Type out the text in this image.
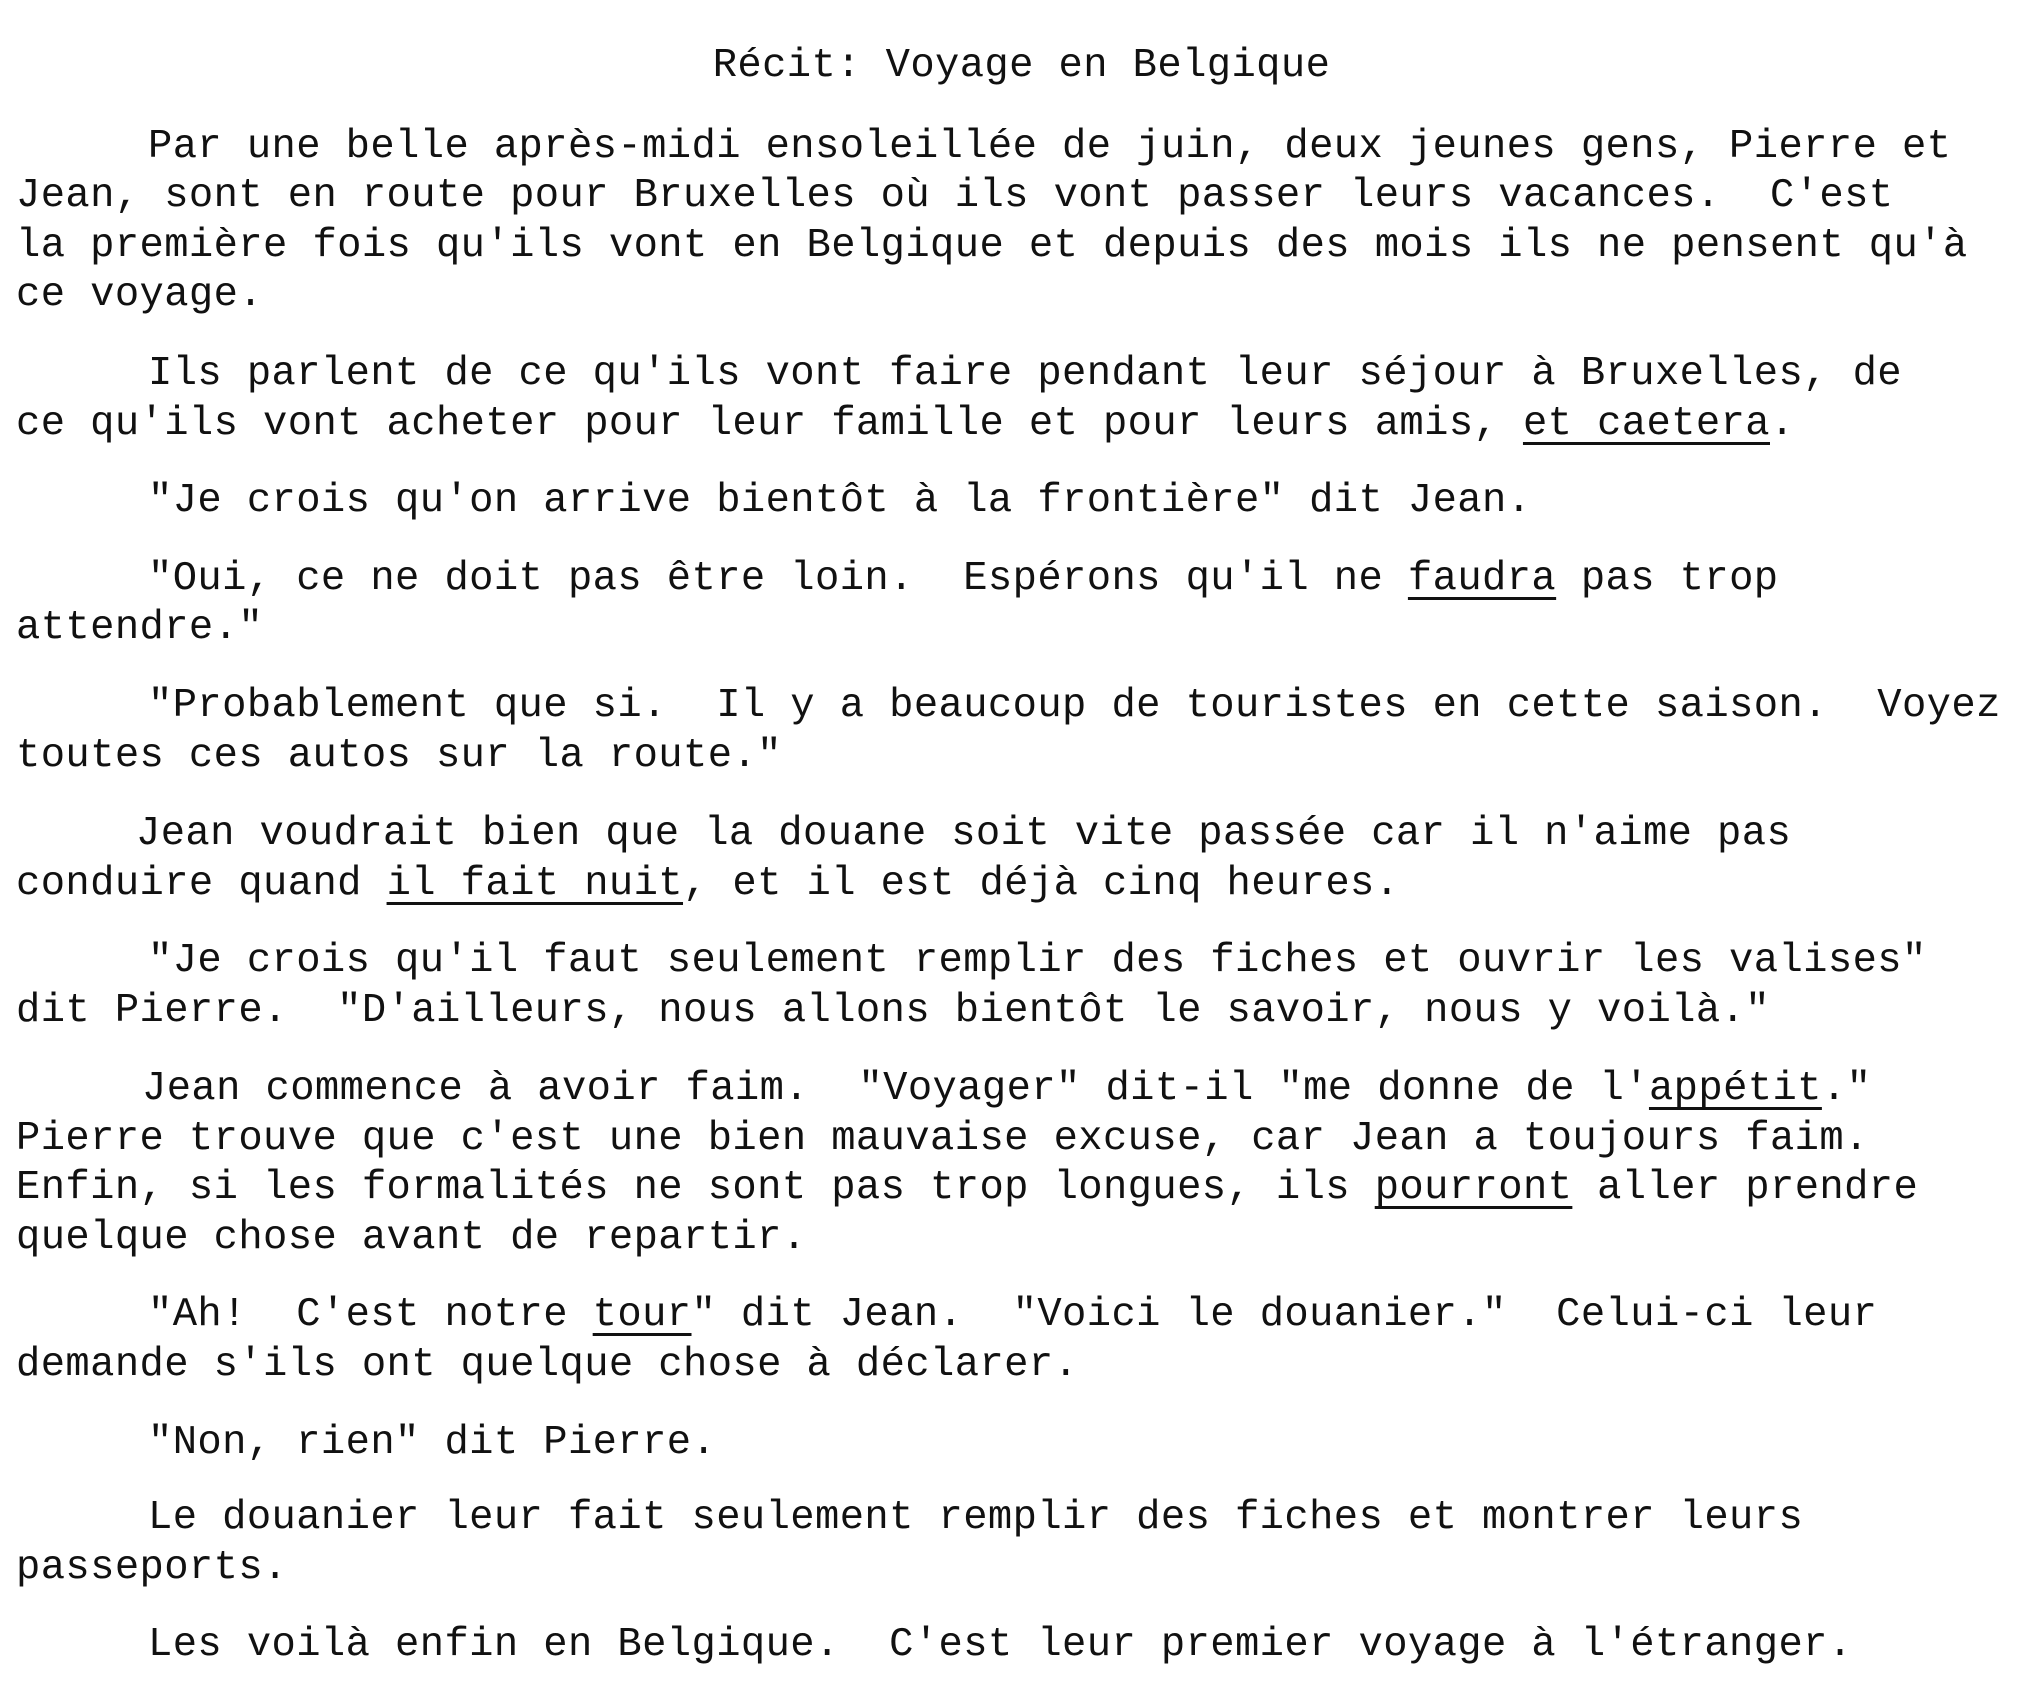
Récit: Voyage en Belgique
Par une belle après-midi ensoleillée de juin, deux jeunes gens, Pierre et
Jean, sont en route pour Bruxelles où ils vont passer leurs vacances.  C'est
la première fois qu'ils vont en Belgique et depuis des mois ils ne pensent qu'à
ce voyage.
Ils parlent de ce qu'ils vont faire pendant leur séjour à Bruxelles, de
ce qu'ils vont acheter pour leur famille et pour leurs amis, et caetera.
"Je crois qu'on arrive bientôt à la frontière" dit Jean.
"Oui, ce ne doit pas être loin.  Espérons qu'il ne faudra pas trop
attendre."
"Probablement que si.  Il y a beaucoup de touristes en cette saison.  Voyez
toutes ces autos sur la route."
Jean voudrait bien que la douane soit vite passée car il n'aime pas
conduire quand il fait nuit, et il est déjà cinq heures.
"Je crois qu'il faut seulement remplir des fiches et ouvrir les valises"
dit Pierre.  "D'ailleurs, nous allons bientôt le savoir, nous y voilà."
Jean commence à avoir faim.  "Voyager" dit-il "me donne de l'appétit."
Pierre trouve que c'est une bien mauvaise excuse, car Jean a toujours faim.
Enfin, si les formalités ne sont pas trop longues, ils pourront aller prendre
quelque chose avant de repartir.
"Ah!  C'est notre tour" dit Jean.  "Voici le douanier."  Celui-ci leur
demande s'ils ont quelque chose à déclarer.
"Non, rien" dit Pierre.
Le douanier leur fait seulement remplir des fiches et montrer leurs
passeports.
Les voilà enfin en Belgique.  C'est leur premier voyage à l'étranger.
